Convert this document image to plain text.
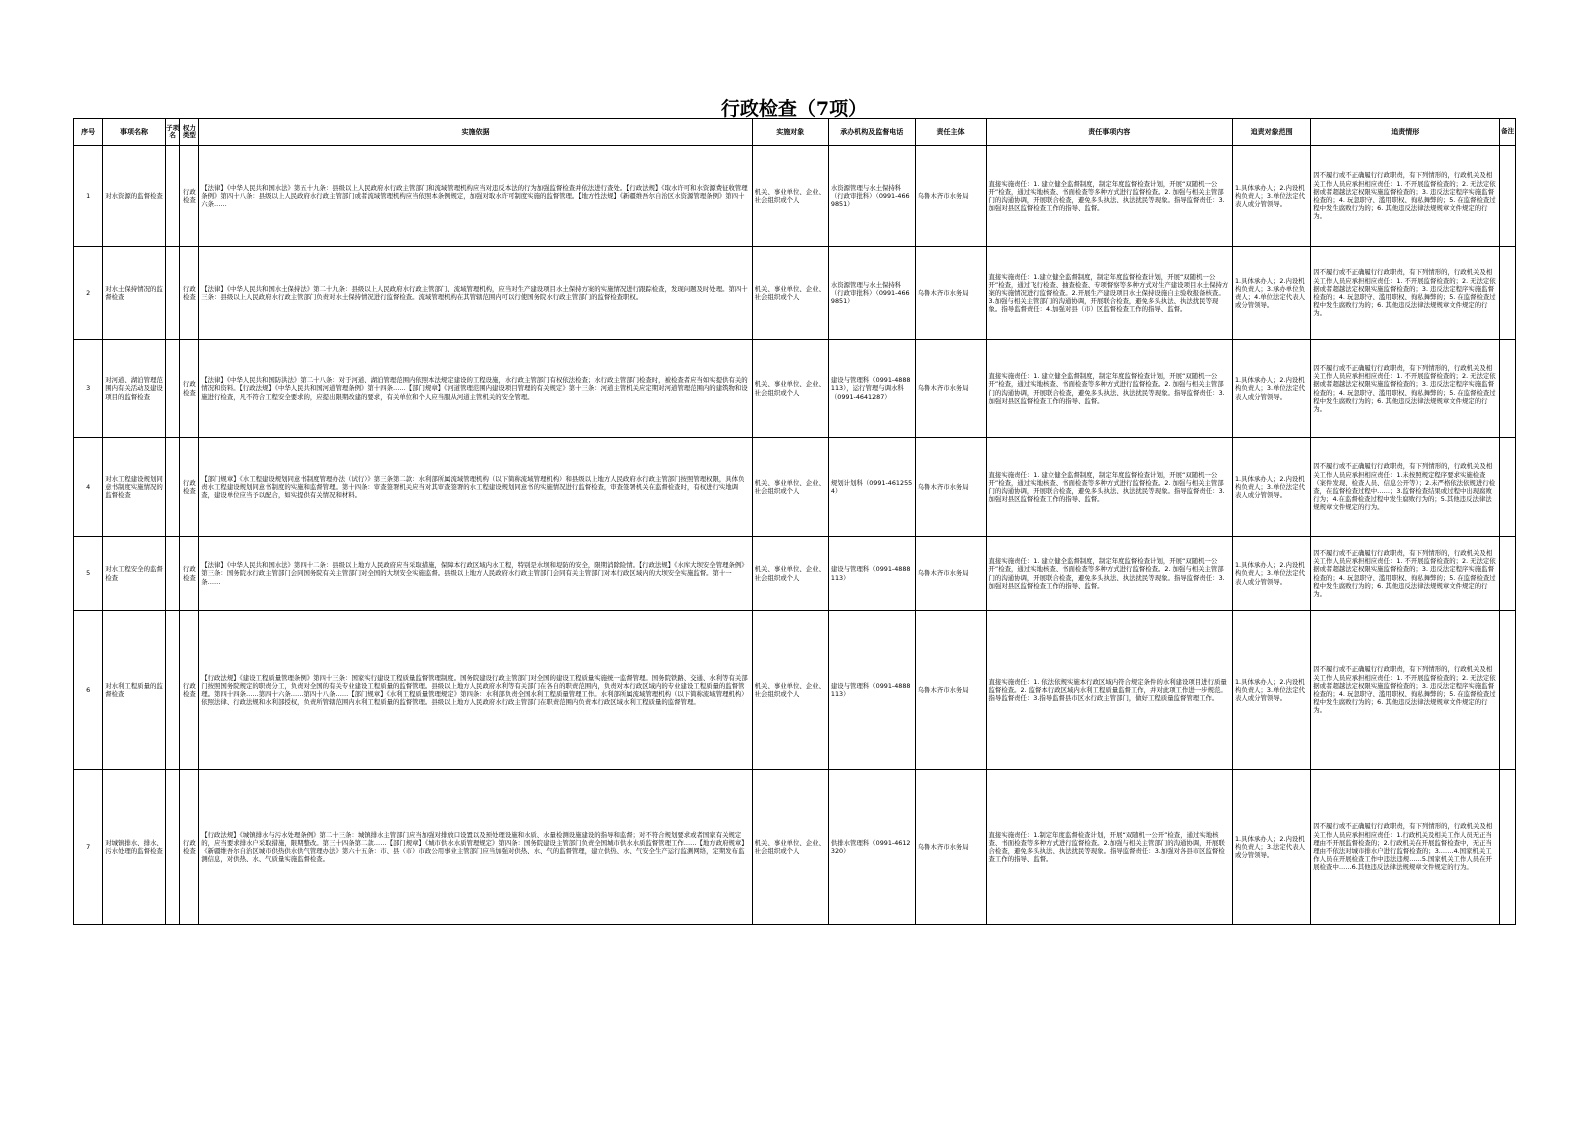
行政检查（7项）
序号	事项名称	子项名	权力类型	实施依据	实施对象	承办机构及监督电话	责任主体	责任事项内容	追责对象范围	追责情形	备注
1	对水资源的监督检查		行政检查	【法律】《中华人民共和国水法》第五十九条：县级以上人民政府水行政主管部门和流域管理机构应当对违反本法的行为加强监督检查并依法进行查处。【行政法规】《取水许可和水资源费征收管理条例》第四十八条：县级以上人民政府水行政主管部门或者流域管理机构应当依照本条例规定，加强对取水许可制度实施的监督管理。【地方性法规】《新疆维吾尔自治区水资源管理条例》第四十六条……	机关、事业单位、企业、社会组织或个人	水资源管理与水土保持科（行政审批科）（0991-4669851）	乌鲁木齐市水务局	直接实施责任：1. 建立健全监督制度，制定年度监督检查计划，开展“双随机一公开”检查，通过实地核查、书面检查等多种方式进行监督检查。2. 加强与相关主管部门的沟通协调，开展联合检查，避免多头执法、执法扰民等现象。指导监督责任：3. 加强对县区监督检查工作的指导、监督。	1.具体承办人；2.内设机构负责人；3.单位法定代表人或分管领导。	因不履行或不正确履行行政职责，有下列情形的，行政机关及相关工作人员应承担相应责任：1. 不开展监督检查的；2. 无法定依据或者超越法定权限实施监督检查的；3. 违反法定程序实施监督检查的；4. 玩忽职守、滥用职权、徇私舞弊的；5. 在监督检查过程中发生腐败行为的；6. 其他违反法律法规规章文件规定的行为。	
2	对水土保持情况的监督检查		行政检查	【法律】《中华人民共和国水土保持法》第二十九条：县级以上人民政府水行政主管部门、流域管理机构，应当对生产建设项目水土保持方案的实施情况进行跟踪检查，发现问题及时处理。第四十三条：县级以上人民政府水行政主管部门负责对水土保持情况进行监督检查。流域管理机构在其管辖范围内可以行使国务院水行政主管部门的监督检查职权。	机关、事业单位、企业、社会组织或个人	水资源管理与水土保持科（行政审批科）（0991-4669851）	乌鲁木齐市水务局	直接实施责任：1.建立健全监督制度，制定年度监督检查计划，开展“双随机一公开”检查，通过飞行检查、抽查检查、专项督察等多种方式对生产建设项目水土保持方案的实施情况进行监督检查。2.开展生产建设项目水土保持设施自主验收报备核查。3.加强与相关主管部门的沟通协调，开展联合检查，避免多头执法、执法扰民等现象。指导监督责任：4.加强对县（市）区监督检查工作的指导、监督。	1.具体承办人；2.内设机构负责人；3.承办单位负责人；4.单位法定代表人或分管领导。	因不履行或不正确履行行政职责，有下列情形的，行政机关及相关工作人员应承担相应责任：1. 不开展监督检查的；2. 无法定依据或者超越法定权限实施监督检查的；3. 违反法定程序实施监督检查的；4. 玩忽职守、滥用职权、徇私舞弊的；5. 在监督检查过程中发生腐败行为的；6. 其他违反法律法规规章文件规定的行为。	
3	对河道、湖泊管理范围内有关活动及建设项目的监督检查		行政检查	【法律】《中华人民共和国防洪法》第二十八条：对于河道、湖泊管理范围内依照本法规定建设的工程设施，水行政主管部门有权依法检查；水行政主管部门检查时，被检查者应当如实提供有关的情况和资料。【行政法规】《中华人民共和国河道管理条例》第十四条……【部门规章】《河道管理范围内建设项目管理的有关规定》第十三条：河道主管机关应定期对河道管理范围内的建筑物和设施进行检查，凡不符合工程安全要求的，应提出限期改建的要求，有关单位和个人应当服从河道主管机关的安全管理。	机关、事业单位、企业、社会组织或个人	建设与管理科（0991-4888113），运行管理与调水科（0991-4641287）	乌鲁木齐市水务局	直接实施责任：1. 建立健全监督制度，制定年度监督检查计划，开展“双随机一公开”检查，通过实地核查、书面检查等多种方式进行监督检查。2. 加强与相关主管部门的沟通协调，开展联合检查，避免多头执法、执法扰民等现象。指导监督责任：3. 加强对县区监督检查工作的指导、监督。	1.具体承办人；2.内设机构负责人；3.单位法定代表人或分管领导。	因不履行或不正确履行行政职责，有下列情形的，行政机关及相关工作人员应承担相应责任：1. 不开展监督检查的；2. 无法定依据或者超越法定权限实施监督检查的；3. 违反法定程序实施监督检查的；4. 玩忽职守、滥用职权、徇私舞弊的；5. 在监督检查过程中发生腐败行为的；6. 其他违反法律法规规章文件规定的行为。	
4	对水工程建设规划同意书制度实施情况的监督检查		行政检查	【部门规章】《水工程建设规划同意书制度管理办法（试行）》第三条第二款：水利部所属流域管理机构（以下简称流域管理机构）和县级以上地方人民政府水行政主管部门按照管理权限，具体负责水工程建设规划同意书制度的实施和监督管理。第十四条：审查签署机关应当对其审查签署的水工程建设规划同意书的实施情况进行监督检查，审查签署机关在监督检查时，有权进行实地调查，建设单位应当予以配合，如实提供有关情况和材料。	机关、事业单位、企业、社会组织或个人	规划计划科（0991-4612554）	乌鲁木齐市水务局	直接实施责任：1. 建立健全监督制度，制定年度监督检查计划，开展“双随机一公开”检查，通过实地核查、书面检查等多种方式进行监督检查。2. 加强与相关主管部门的沟通协调，开展联合检查，避免多头执法、执法扰民等现象。指导监督责任：3. 加强对县区监督检查工作的指导、监督。	1.具体承办人；2.内设机构负责人；3.单位法定代表人或分管领导。	因不履行或不正确履行行政职责，有下列情形的，行政机关及相关工作人员应承担相应责任：1.未按照规定程序要求实施检查（案件发现、检查人员、信息公开等）；2.未严格依法依规进行检查，在监督检查过程中……；3.监督检查结果或过程中出现腐败行为；4.在监督检查过程中发生腐败行为的；5.其他违反法律法规规章文件规定的行为。	
5	对水工程安全的监督检查		行政检查	【法律】《中华人民共和国水法》第四十二条：县级以上地方人民政府应当采取措施，保障本行政区域内水工程，特别是水坝和堤防的安全，限期消除险情。【行政法规】《水库大坝安全管理条例》第三条：国务院水行政主管部门会同国务院有关主管部门对全国的大坝安全实施监督。县级以上地方人民政府水行政主管部门会同有关主管部门对本行政区域内的大坝安全实施监督。第十一条……	机关、事业单位、企业、社会组织或个人	建设与管理科（0991-4888113）	乌鲁木齐市水务局	直接实施责任：1. 建立健全监督制度，制定年度监督检查计划，开展“双随机一公开”检查，通过实地核查、书面检查等多种方式进行监督检查。2. 加强与相关主管部门的沟通协调，开展联合检查，避免多头执法、执法扰民等现象。指导监督责任：3. 加强对县区监督检查工作的指导、监督。	1.具体承办人；2.内设机构负责人；3.单位法定代表人或分管领导。	因不履行或不正确履行行政职责，有下列情形的，行政机关及相关工作人员应承担相应责任：1. 不开展监督检查的；2. 无法定依据或者超越法定权限实施监督检查的；3. 违反法定程序实施监督检查的；4. 玩忽职守、滥用职权、徇私舞弊的；5. 在监督检查过程中发生腐败行为的；6. 其他违反法律法规规章文件规定的行为。	
6	对水利工程质量的监督检查		行政检查	【行政法规】《建设工程质量管理条例》第四十三条：国家实行建设工程质量监督管理制度。国务院建设行政主管部门对全国的建设工程质量实施统一监督管理。国务院铁路、交通、水利等有关部门按照国务院规定的职责分工，负责对全国的有关专业建设工程质量的监督管理。县级以上地方人民政府水利等有关部门在各自的职责范围内，负责对本行政区域内的专业建设工程质量的监督管理。第四十四条……第四十六条……第四十八条……【部门规章】《水利工程质量管理规定》第四条：水利部负责全国水利工程质量管理工作。水利部所属流域管理机构（以下简称流域管理机构）依照法律、行政法规和水利部授权，负责所管辖范围内水利工程质量的监督管理。县级以上地方人民政府水行政主管部门在职责范围内负责本行政区域水利工程质量的监督管理。	机关、事业单位、企业、社会组织或个人	建设与管理科（0991-4888113）	乌鲁木齐市水务局	直接实施责任：1. 依法依规实施本行政区域内符合规定条件的水利建设项目进行质量监督检查。2. 监督本行政区域内水利工程质量监督工作，并对此项工作进一步规范。指导监督责任：3.指导监督县市区水行政主管部门，做好工程质量监督管理工作。	1.具体承办人；2.内设机构负责人；3.单位法定代表人或分管领导。	因不履行或不正确履行行政职责，有下列情形的，行政机关及相关工作人员应承担相应责任：1. 不开展监督检查的；2. 无法定依据或者超越法定权限实施监督检查的；3. 违反法定程序实施监督检查的；4. 玩忽职守、滥用职权、徇私舞弊的；5. 在监督检查过程中发生腐败行为的；6. 其他违反法律法规规章文件规定的行为。	
7	对城镇排水、排水、污水处理的监督检查		行政检查	【行政法规】《城镇排水与污水处理条例》第二十三条：城镇排水主管部门应当加强对排放口设置以及预处理设施和水质、水量检测设施建设的指导和监督；对不符合规划要求或者国家有关规定的，应当要求排水户采取措施，限期整改。第三十四条第二款……【部门规章】《城市供水水质管理规定》第四条：国务院建设主管部门负责全国城市供水水质监督管理工作……【地方政府规章】《新疆维吾尔自治区城市供热供水供气管理办法》第六十五条：市、县（市）市政公用事业主管部门应当加强对供热、水、气的监督管理，建立供热、水、气安全生产运行监测网络，定期发布监测信息，对供热、水、气质量实施监督检查。	机关、事业单位、企业、社会组织或个人	供排水管理科（0991-4612320）	乌鲁木齐市水务局	直接实施责任：1.制定年度监督检查计划，开展“双随机一公开”检查，通过实地核查、书面检查等多种方式进行监督检查。2.加强与相关主管部门的沟通协调，开展联合检查，避免多头执法、执法扰民等现象。指导监督责任：3.加强对各县市区监督检查工作的指导、监督。	1.具体承办人；2.内设机构负责人；3.法定代表人或分管领导。	因不履行或不正确履行行政职责，有下列情形的，行政机关及相关工作人员应承担相应责任：1.行政机关及相关工作人员无正当理由不开展监督检查的；2.行政机关在开展监督检查中，无正当理由不依法对城市排水户进行监督检查的；3.……4.国家机关工作人员在开展检查工作中违法违规……5.国家机关工作人员在开展检查中……6.其他违反法律法规规章文件规定的行为。	
